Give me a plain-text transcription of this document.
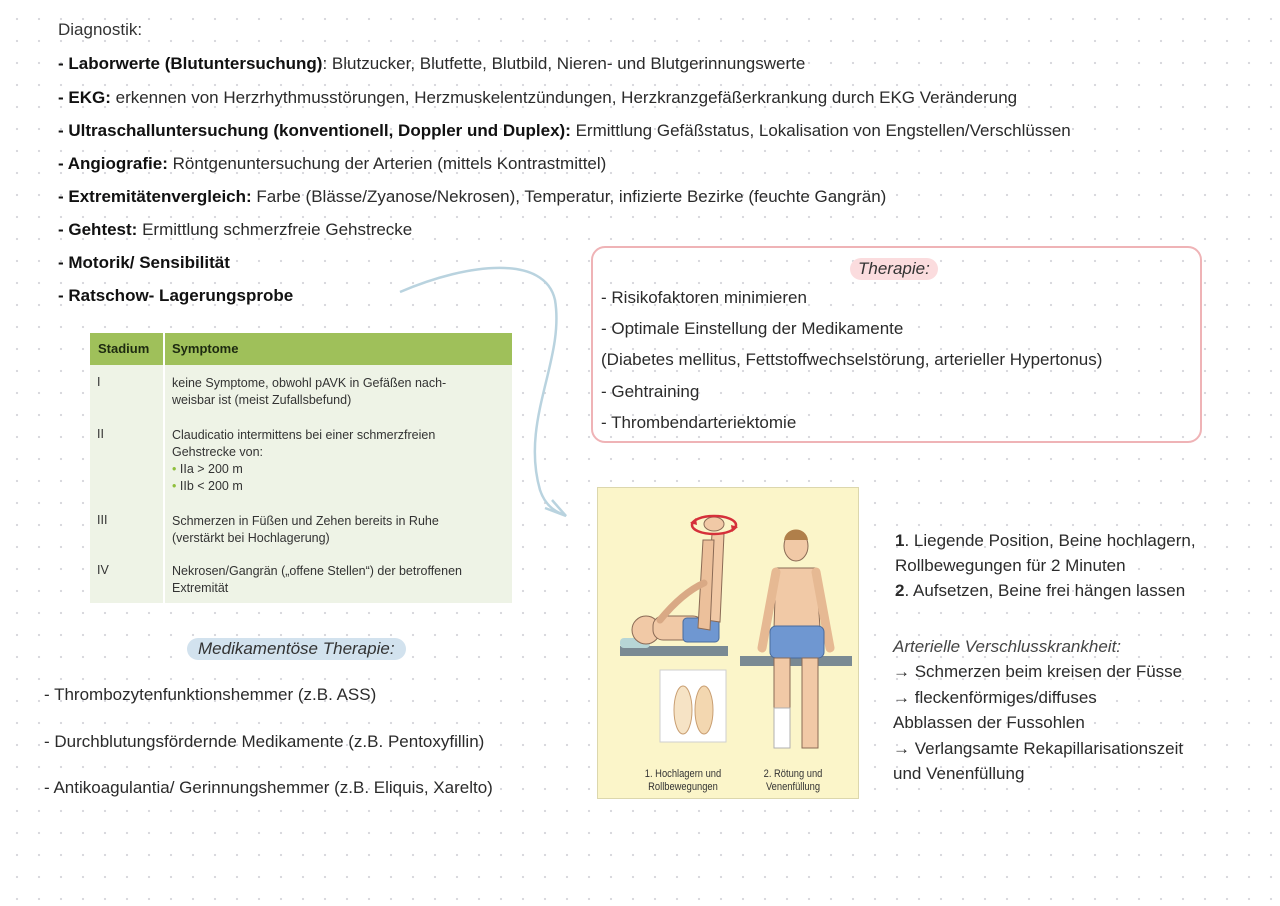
Diagnostik:
- Laborwerte (Blutuntersuchung): Blutzucker, Blutfette, Blutbild, Nieren- und Blutgerinnungswerte
- EKG: erkennen von Herzrhythmusstörungen, Herzmuskelentzündungen, Herzkranzgefäßerkrankung durch EKG Veränderung
- Ultraschalluntersuchung (konventionell, Doppler und Duplex): Ermittlung Gefäßstatus, Lokalisation von Engstellen/Verschlüssen
- Angiografie: Röntgenuntersuchung der Arterien (mittels Kontrastmittel)
- Extremitätenvergleich: Farbe (Blässe/Zyanose/Nekrosen), Temperatur, infizierte Bezirke (feuchte Gangrän)
- Gehtest: Ermittlung schmerzfreie Gehstrecke
- Motorik/ Sensibilität
- Ratschow- Lagerungsprobe
Therapie:
- Risikofaktoren minimieren
- Optimale Einstellung der Medikamente
(Diabetes mellitus, Fettstoffwechselstörung, arterieller Hypertonus)
- Gehtraining
- Thrombendarteriektomie
Stadium Symptome
I	keine Symptome, obwohl pAVK in Gefäßen nach-
weisbar ist (meist Zufallsbefund)
II	Claudicatio intermittens bei einer schmerzfreien
Gehstrecke von:
• IIa > 200 m
• IIb < 200 m
III	Schmerzen in Füßen und Zehen bereits in Ruhe
(verstärkt bei Hochlagerung)
IV	Nekrosen/Gangrän („offene Stellen“) der betroffenen
Extremität
Medikamentöse Therapie:
- Thrombozytenfunktionshemmer (z.B. ASS)
- Durchblutungsfördernde Medikamente (z.B. Pentoxyfillin)
- Antikoagulantia/ Gerinnungshemmer (z.B. Eliquis, Xarelto)
1. Hochlagern und
Rollbewegungen
2. Rötung und
Venenfüllung
1. Liegende Position, Beine hochlagern,
Rollbewegungen für 2 Minuten
2. Aufsetzen, Beine frei hängen lassen
Arterielle Verschlusskrankheit:
→ Schmerzen beim kreisen der Füsse
→ fleckenförmiges/diffuses
Abblassen der Fussohlen
→ Verlangsamte Rekapillarisationszeit
und Venenfüllung
